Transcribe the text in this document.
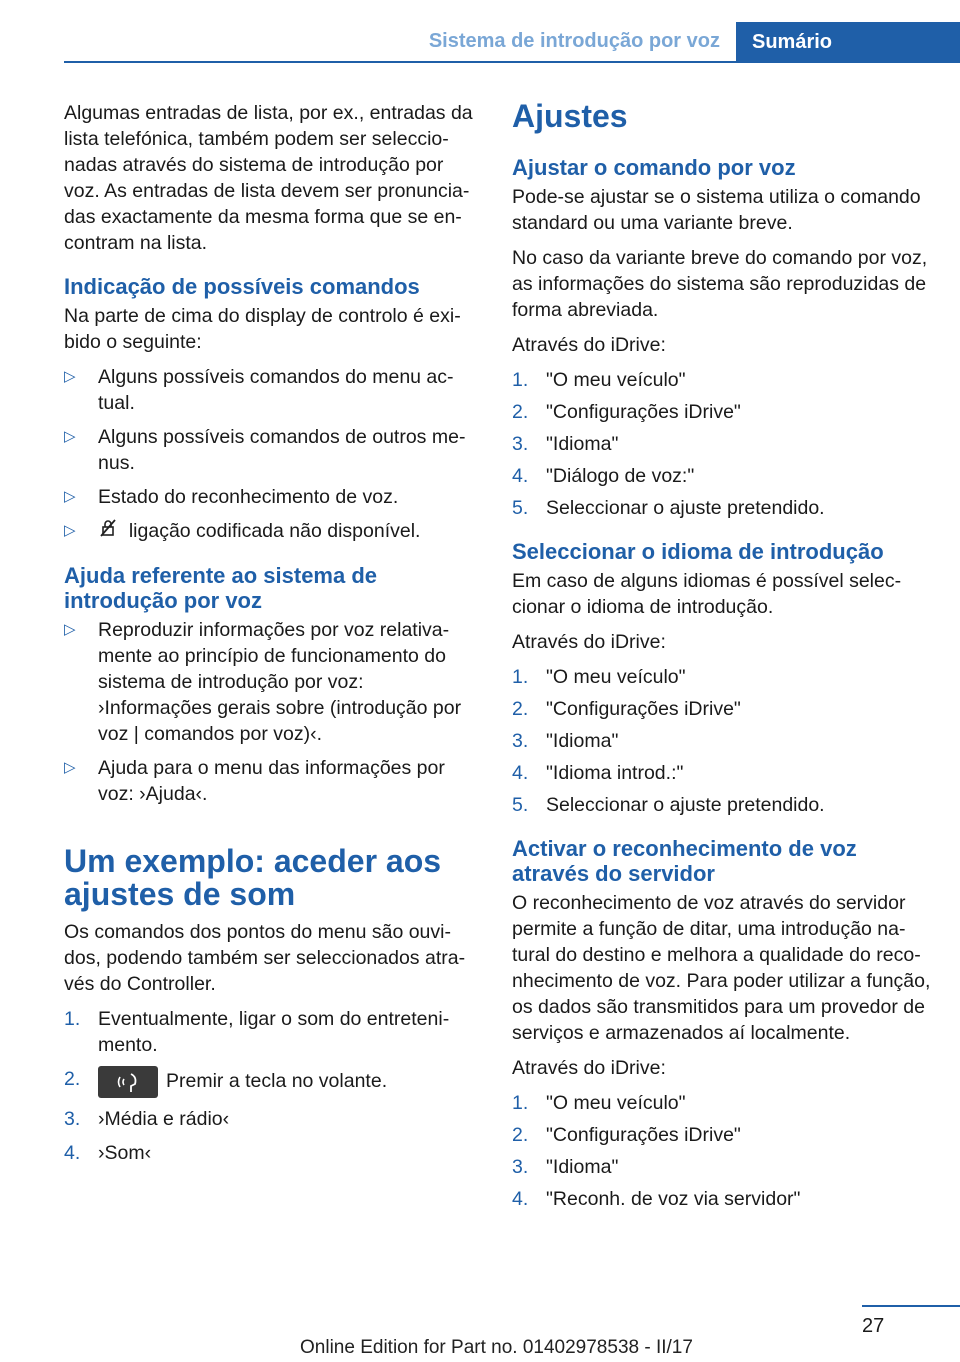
Sistema de introdução por voz	Sumário

Algumas entradas de lista, por ex., entradas da lista telefónica, também podem ser seleccionadas através do sistema de introdução por voz. As entradas de lista devem ser pronunciadas exactamente da mesma forma que se encontram na lista.

Indicação de possíveis comandos

Na parte de cima do display de controlo é exibido o seguinte:

▷ Alguns possíveis comandos do menu actual.
▷ Alguns possíveis comandos de outros menus.
▷ Estado do reconhecimento de voz.
▷	ligação codificada não disponível.
Ajuda referente ao sistema de introdução por voz
▷ Reproduzir informações por voz relativamente ao princípio de funcionamento do sistema de introdução por voz: ›Informações gerais sobre (introdução por voz | comandos por voz)‹.
▷ Ajuda para o menu das informações por voz: ›Ajuda‹.
Um exemplo: aceder aos ajustes de som

Os comandos dos pontos do menu são ouvidos, podendo também ser seleccionados através do Controller.

1. Eventualmente, ligar o som do entretenimento.
2.	Premir a tecla no volante.
3. ›Média e rádio‹
4. ›Som‹
Ajustes
Ajustar o comando por voz

Pode-se ajustar se o sistema utiliza o comando standard ou uma variante breve.

No caso da variante breve do comando por voz, as informações do sistema são reproduzidas de forma abreviada.

Através do iDrive:

1. "O meu veículo"
2. "Configurações iDrive"
3. "Idioma"
4. "Diálogo de voz:"
5. Seleccionar o ajuste pretendido.
Seleccionar o idioma de introdução

Em caso de alguns idiomas é possível seleccionar o idioma de introdução.

Através do iDrive:

1. "O meu veículo"
2. "Configurações iDrive"
3. "Idioma"
4. "Idioma introd.:"
5. Seleccionar o ajuste pretendido.
Activar o reconhecimento de voz através do servidor

O reconhecimento de voz através do servidor permite a função de ditar, uma introdução natural do destino e melhora a qualidade do reconhecimento de voz. Para poder utilizar a função, os dados são transmitidos para um provedor de serviços e armazenados aí localmente.

Através do iDrive:

1. "O meu veículo"
2. "Configurações iDrive"
3. "Idioma"
4. "Reconh. de voz via servidor"
27
Online Edition for Part no. 01402978538 - II/17
